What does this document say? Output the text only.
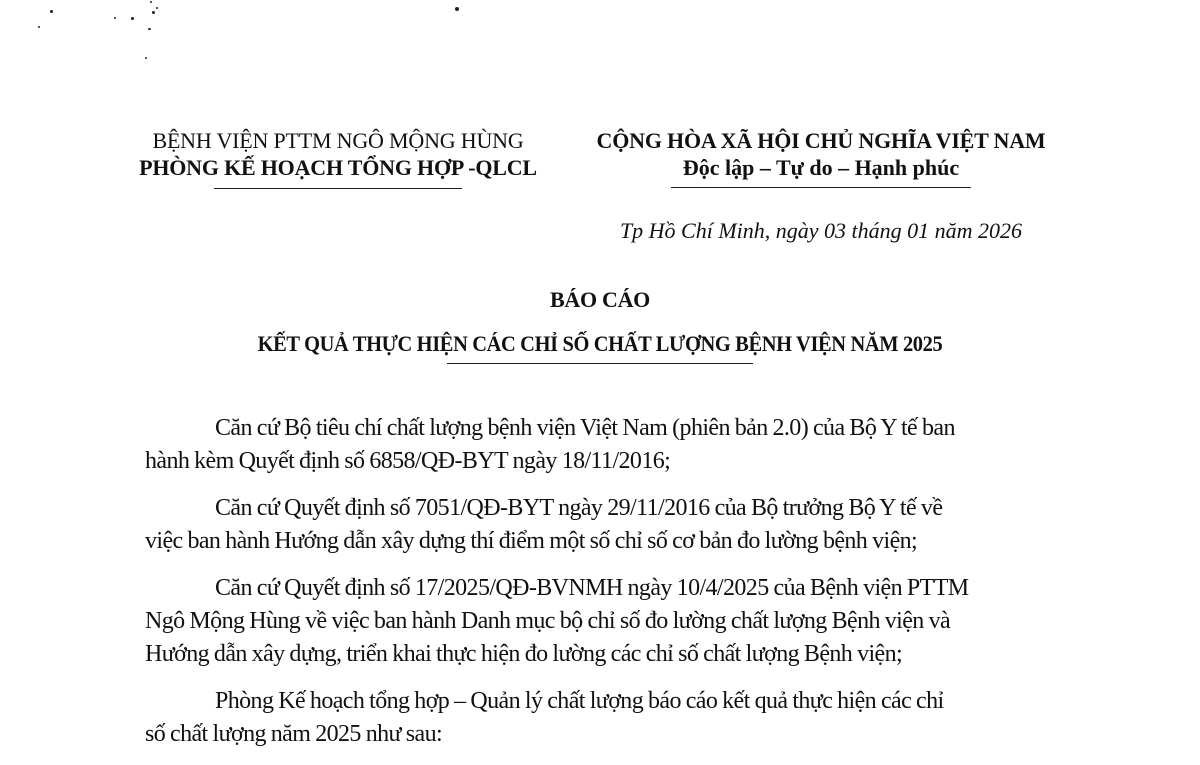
BỆNH VIỆN PTTM NGÔ MỘNG HÙNG
PHÒNG KẾ HOẠCH TỔNG HỢP -QLCL
CỘNG HÒA XÃ HỘI CHỦ NGHĨA VIỆT NAM
Độc lập – Tự do – Hạnh phúc
Tp Hồ Chí Minh, ngày 03 tháng 01 năm 2026
BÁO CÁO
KẾT QUẢ THỰC HIỆN CÁC CHỈ SỐ CHẤT LƯỢNG BỆNH VIỆN NĂM 2025

Căn cứ Bộ tiêu chí chất lượng bệnh viện Việt Nam (phiên bản 2.0) của Bộ Y tế ban
hành kèm Quyết định số 6858/QĐ-BYT ngày 18/11/2016;

Căn cứ Quyết định số 7051/QĐ-BYT ngày 29/11/2016 của Bộ trưởng Bộ Y tế về
việc ban hành Hướng dẫn xây dựng thí điểm một số chỉ số cơ bản đo lường bệnh viện;

Căn cứ Quyết định số 17/2025/QĐ-BVNMH ngày 10/4/2025 của Bệnh viện PTTM
Ngô Mộng Hùng về việc ban hành Danh mục bộ chỉ số đo lường chất lượng Bệnh viện và
Hướng dẫn xây dựng, triển khai thực hiện đo lường các chỉ số chất lượng Bệnh viện;

Phòng Kế hoạch tổng hợp – Quản lý chất lượng báo cáo kết quả thực hiện các chỉ
số chất lượng năm 2025 như sau:
